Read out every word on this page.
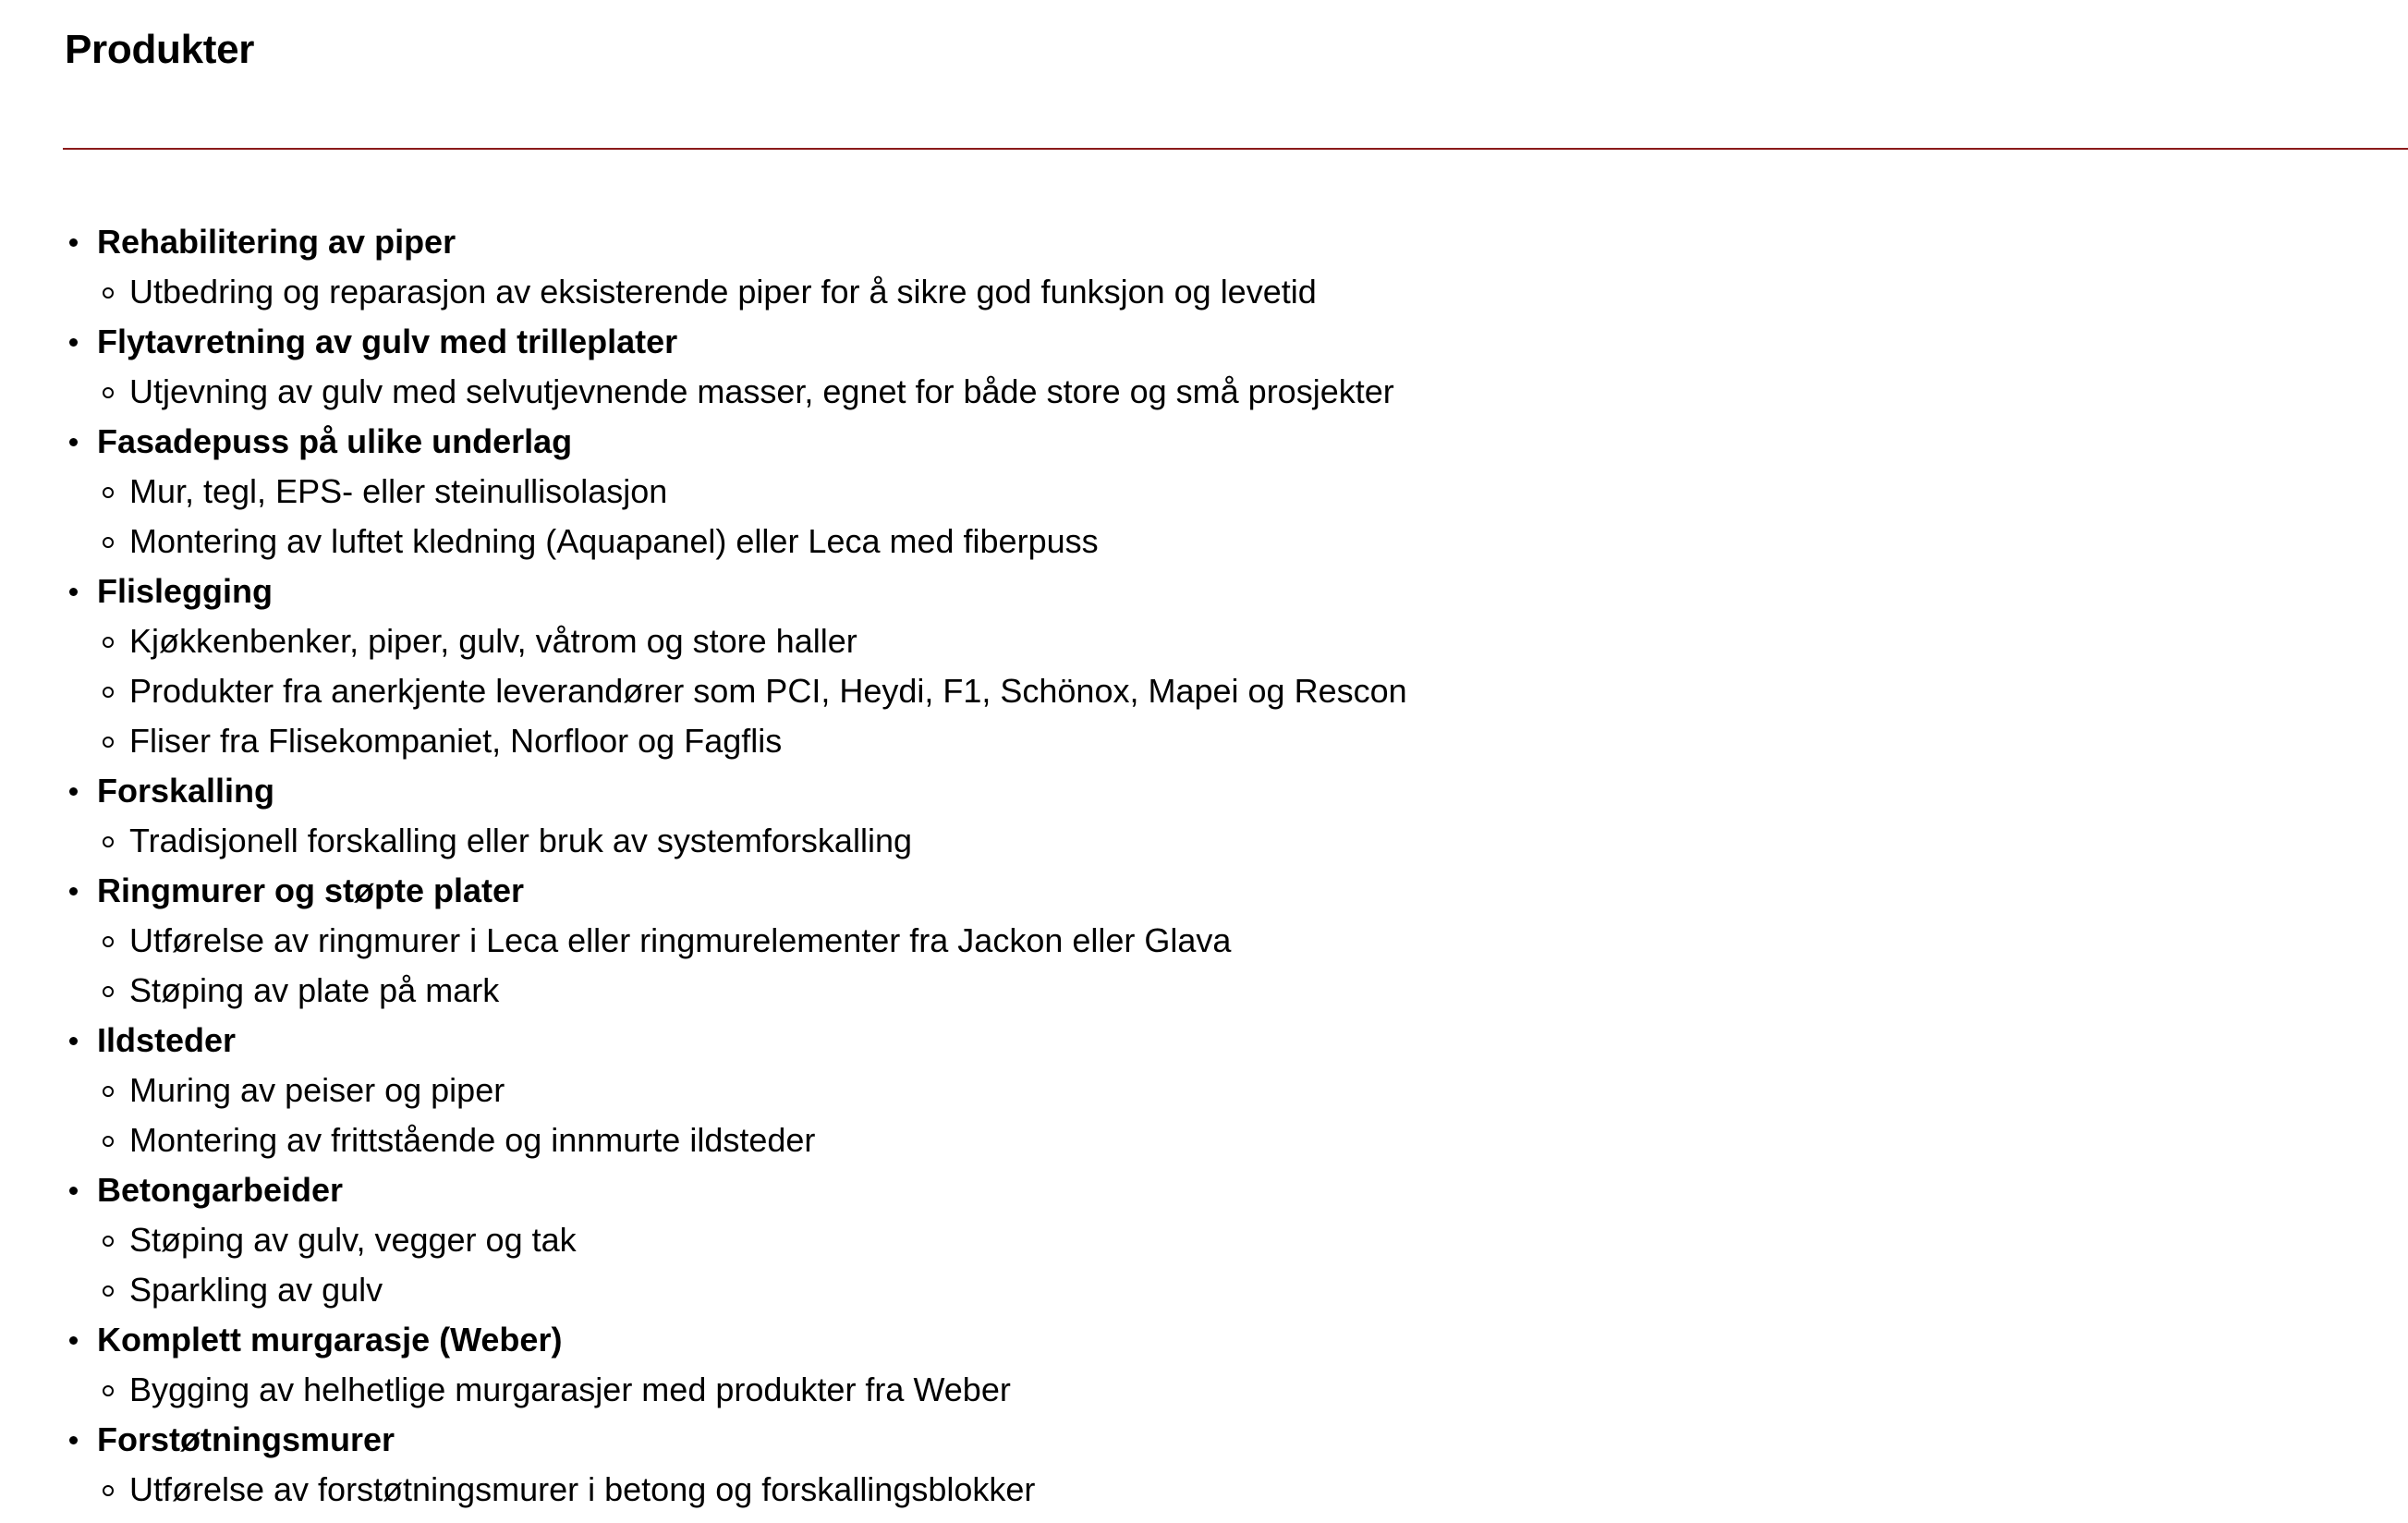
Produkter
Rehabilitering av piper
Utbedring og reparasjon av eksisterende piper for å sikre god funksjon og levetid
Flytavretning av gulv med trilleplater
Utjevning av gulv med selvutjevnende masser, egnet for både store og små prosjekter
Fasadepuss på ulike underlag
Mur, tegl, EPS- eller steinullisolasjon
Montering av luftet kledning (Aquapanel) eller Leca med fiberpuss
Flislegging
Kjøkkenbenker, piper, gulv, våtrom og store haller
Produkter fra anerkjente leverandører som PCI, Heydi, F1, Schönox, Mapei og Rescon
Fliser fra Flisekompaniet, Norfloor og Fagflis
Forskalling
Tradisjonell forskalling eller bruk av systemforskalling
Ringmurer og støpte plater
Utførelse av ringmurer i Leca eller ringmurelementer fra Jackon eller Glava
Støping av plate på mark
Ildsteder
Muring av peiser og piper
Montering av frittstående og innmurte ildsteder
Betongarbeider
Støping av gulv, vegger og tak
Sparkling av gulv
Komplett murgarasje (Weber)
Bygging av helhetlige murgarasjer med produkter fra Weber
Forstøtningsmurer
Utførelse av forstøtningsmurer i betong og forskallingsblokker
